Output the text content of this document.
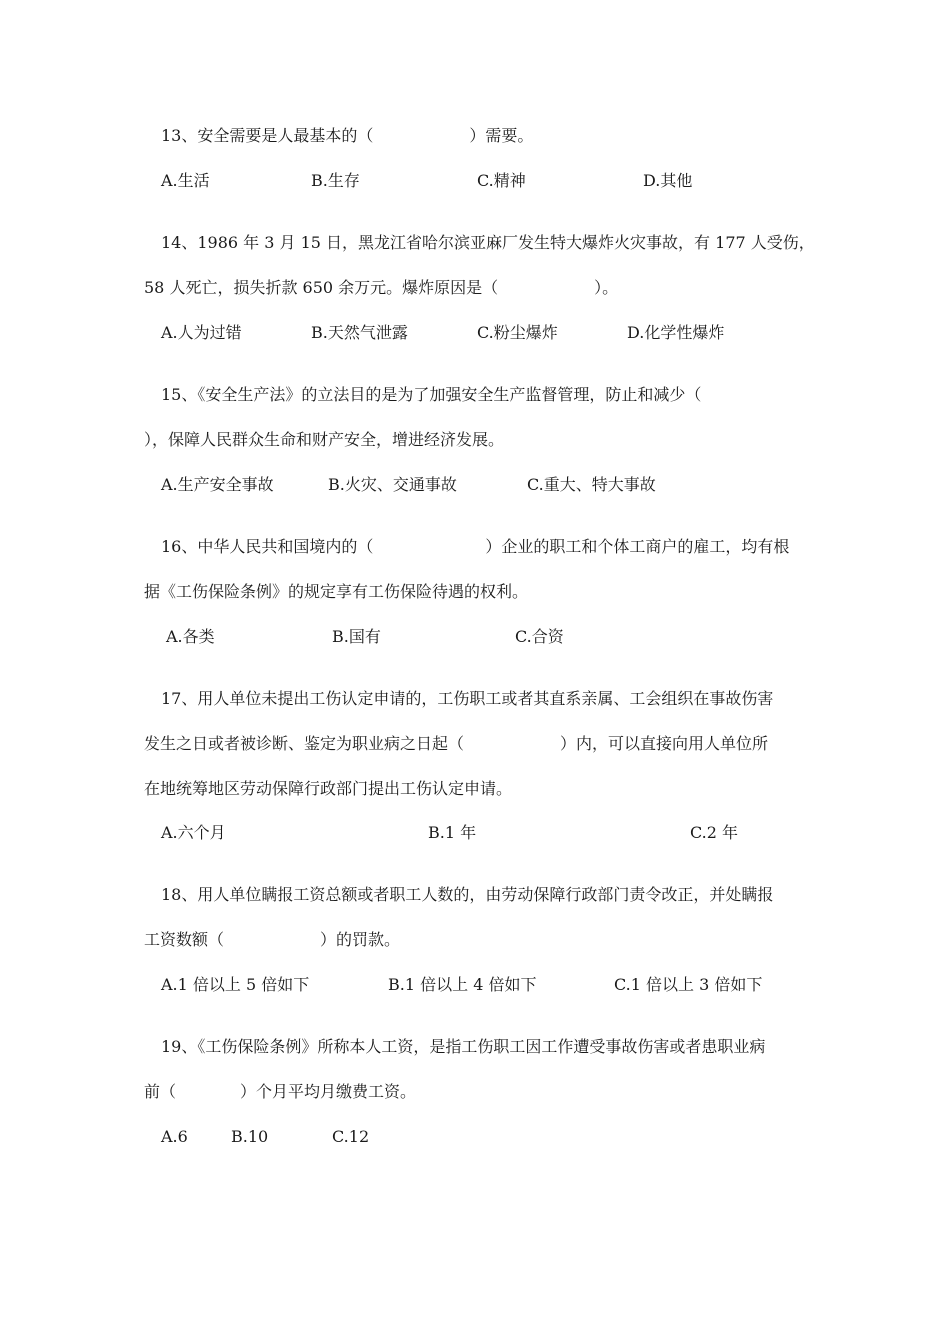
13、安全需要是人最基本的（　　　　　　）需要。
A.生活	B.生存	C.精神	D.其他
14、1986 年 3 月 15 日，黑龙江省哈尔滨亚麻厂发生特大爆炸火灾事故，有 177 人受伤，
58 人死亡，损失折款 650 余万元。爆炸原因是（　　　　　　）。
A.人为过错	B.天然气泄露	C.粉尘爆炸	D.化学性爆炸
15、《安全生产法》的立法目的是为了加强安全生产监督管理，防止和减少（
），保障人民群众生命和财产安全，增进经济发展。
A.生产安全事故	B.火灾、交通事故	C.重大、特大事故
16、中华人民共和国境内的（　　　　　　　）企业的职工和个体工商户的雇工，均有根
据《工伤保险条例》的规定享有工伤保险待遇的权利。
A.各类	B.国有	C.合资
17、用人单位未提出工伤认定申请的，工伤职工或者其直系亲属、工会组织在事故伤害
发生之日或者被诊断、鉴定为职业病之日起（　　　　　　）内，可以直接向用人单位所
在地统筹地区劳动保障行政部门提出工伤认定申请。
A.六个月	B.1 年	C.2 年
18、用人单位瞒报工资总额或者职工人数的，由劳动保障行政部门责令改正，并处瞒报
工资数额（　　　　　　）的罚款。
A.1 倍以上 5 倍如下	B.1 倍以上 4 倍如下	C.1 倍以上 3 倍如下
19、《工伤保险条例》所称本人工资，是指工伤职工因工作遭受事故伤害或者患职业病
前（　　　　）个月平均月缴费工资。
A.6	B.10	C.12
